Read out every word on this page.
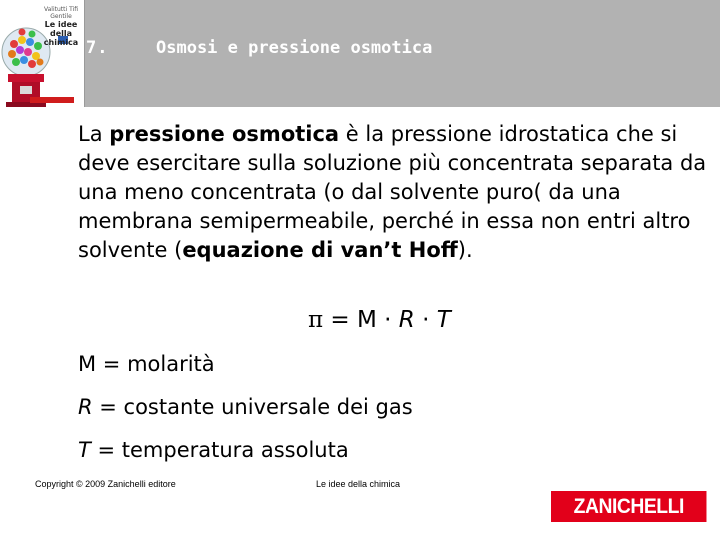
Valitutti Tifi Gentile
Le idee della chimica 7.	Osmosi e pressione osmotica

La pressione osmotica è la pressione idrostatica che si deve esercitare sulla soluzione più concentrata separata da una meno concentrata (o dal solvente puro( da una membrana semipermeabile, perché in essa non entri altro solvente (equazione di van’t Hoff).

π = M · R · T

M = molarità

R = costante universale dei gas

T = temperatura assoluta

Copyright © 2009 Zanichelli editore	Le idee della chimica
ZANICHELLI
